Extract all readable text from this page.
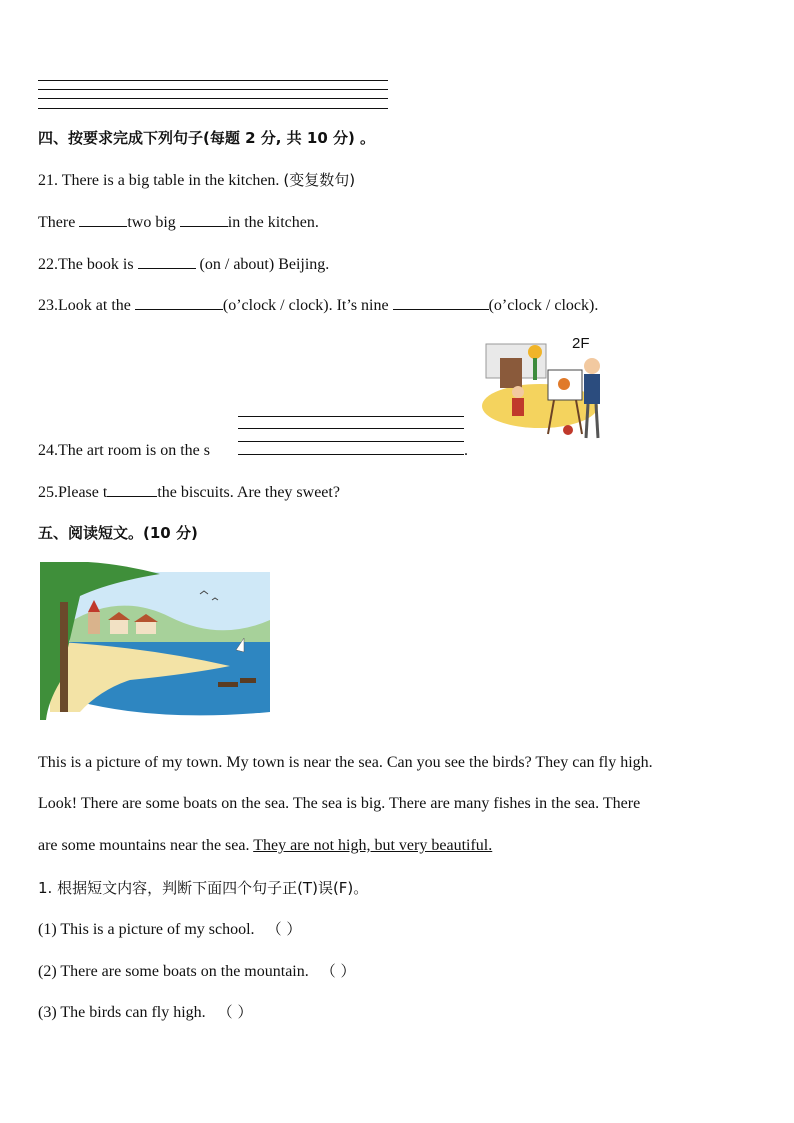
四、按要求完成下列句子(每题 2 分, 共 10 分) 。
21. There is a big table in the kitchen. (变复数句)
There	two big	in the kitchen.
22.The book is	(on / about) Beijing.
23.Look at the	(o’clock / clock). It’s nine	(o’clock / clock).
24.The art room is on the s	.
2F
25.Please t	the biscuits. Are they sweet?
五、阅读短文。(10 分)
This is a picture of my town. My town is near the sea. Can you see the birds? They can fly high.
Look! There are some boats on the sea. The sea is big. There are many fishes in the sea. There
are some mountains near the sea. They are not high, but very beautiful.
1. 根据短文内容，判断下面四个句子正(T)误(F)。
(1) This is a picture of my school. （ ）
(2) There are some boats on the mountain. （ ）
(3) The birds can fly high. （ ）
